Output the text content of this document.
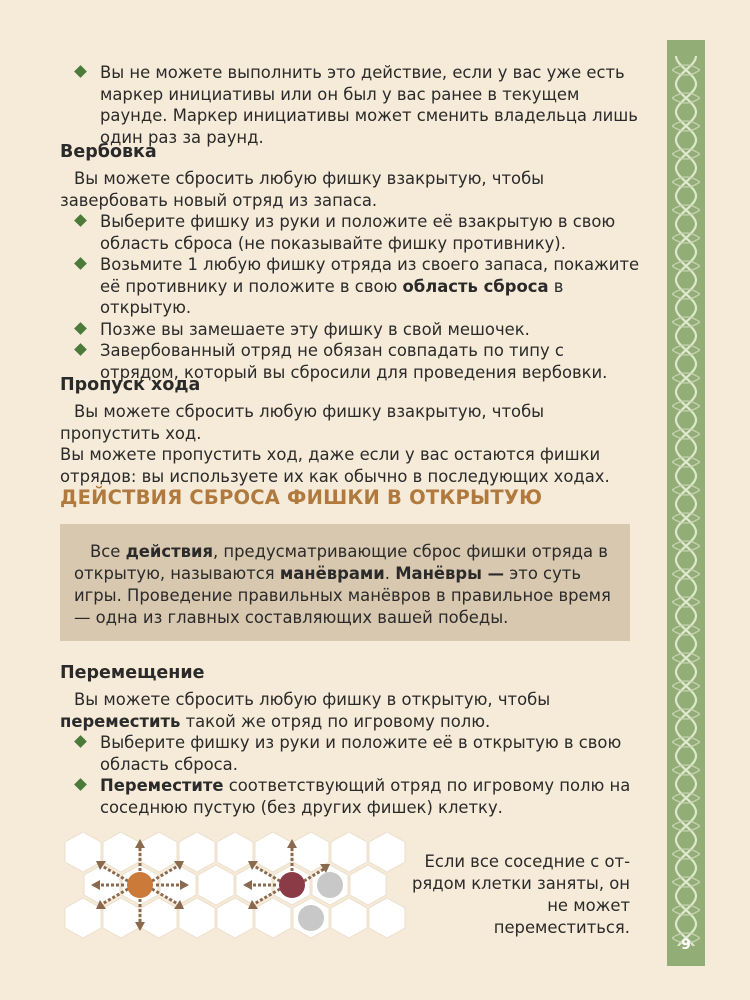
Вы не можете выполнить это действие, если у вас уже есть маркер инициативы или он был у вас ранее в текущем раунде. Маркер инициативы может сменить владельца лишь один раз за раунд.
Вербовка

Вы можете сбросить любую фишку взакрытую, чтобы завербовать новый отряд из запаса.

Выберите фишку из руки и положите её взакрытую в свою область сброса (не показывайте фишку противнику).
Возьмите 1 любую фишку отряда из своего запаса, покажите её противнику и положите в свою область сброса в открытую.
Позже вы замешаете эту фишку в свой мешочек.
Завербованный отряд не обязан совпадать по типу с отрядом, который вы сбросили для проведения вербовки.
Пропуск хода

Вы можете сбросить любую фишку взакрытую, чтобы пропустить ход.

Вы можете пропустить ход, даже если у вас остаются фишки отрядов: вы используете их как обычно в последующих ходах.

ДЕЙСТВИЯ СБРОСА ФИШКИ В ОТКРЫТУЮ

Все действия, предусматривающие сброс фишки отряда в открытую, называются манёврами. Манёвры — это суть игры. Проведение правильных манёвров в правильное время — одна из главных составляющих вашей победы.

Перемещение

Вы можете сбросить любую фишку в открытую, чтобы переместить такой же отряд по игровому полю.

Выберите фишку из руки и положите её в открытую в свою область сброса.
Переместите соответствующий отряд по игровому полю на соседнюю пустую (без других фишек) клетку.

Если все соседние с отрядом клетки заняты, он не может переместиться.

9
